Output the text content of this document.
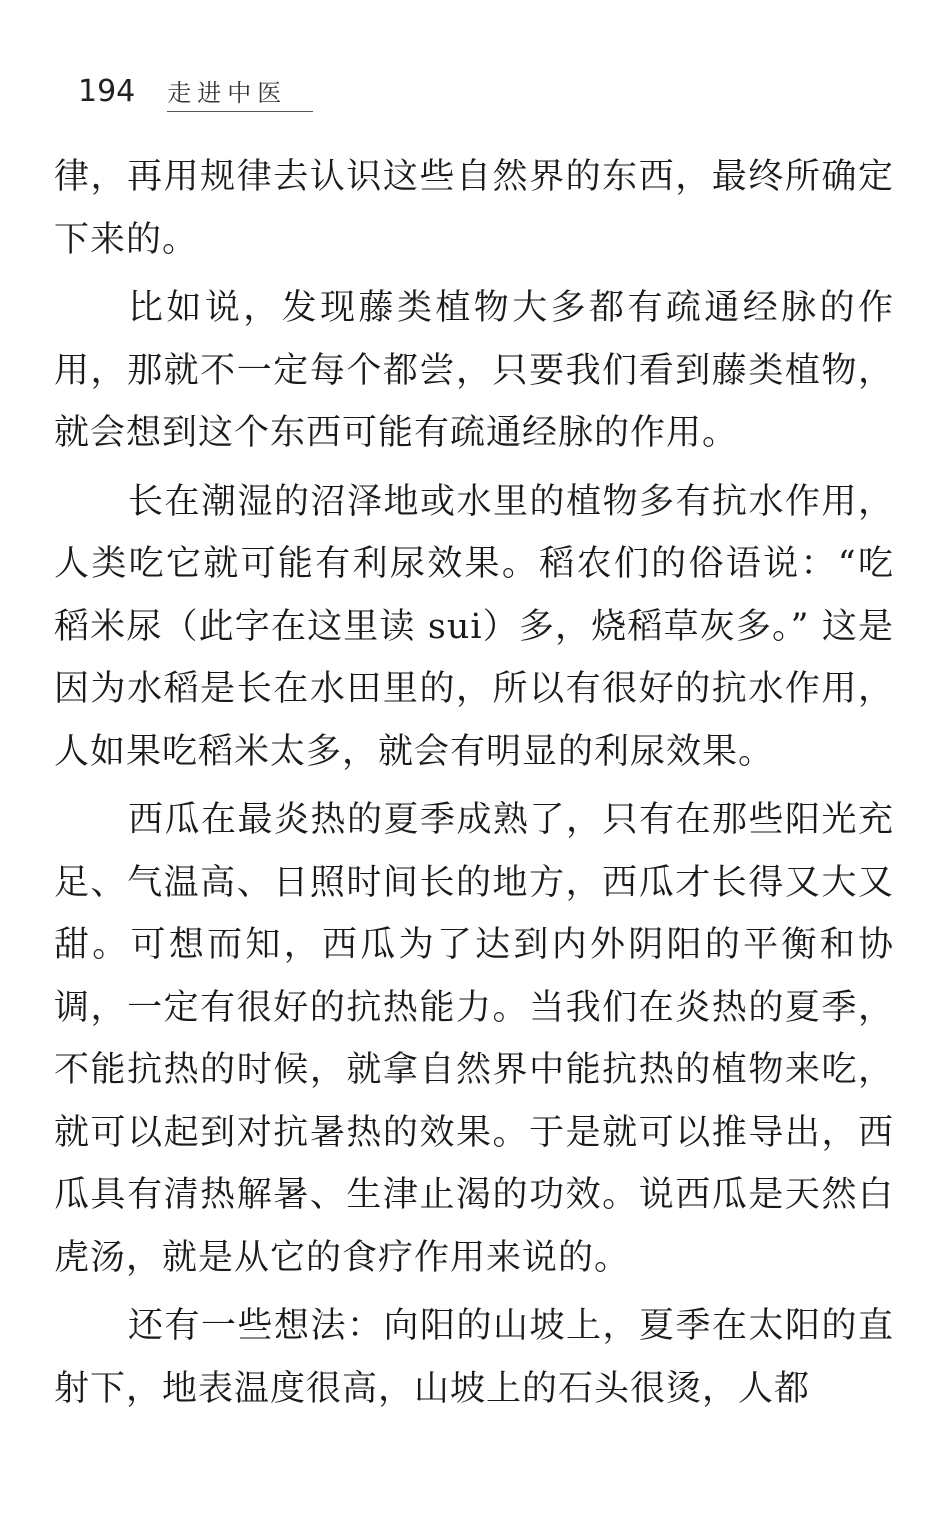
194 走进中医

律，再用规律去认识这些自然界的东西，最终所确定下来的。

比如说，发现藤类植物大多都有疏通经脉的作用，那就不一定每个都尝，只要我们看到藤类植物，就会想到这个东西可能有疏通经脉的作用。

长在潮湿的沼泽地或水里的植物多有抗水作用，人类吃它就可能有利尿效果。稻农们的俗语说：“吃稻米尿（此字在这里读 sui）多，烧稻草灰多。” 这是因为水稻是长在水田里的，所以有很好的抗水作用，人如果吃稻米太多，就会有明显的利尿效果。

西瓜在最炎热的夏季成熟了，只有在那些阳光充足、气温高、日照时间长的地方，西瓜才长得又大又甜。可想而知，西瓜为了达到内外阴阳的平衡和协调，一定有很好的抗热能力。当我们在炎热的夏季，不能抗热的时候，就拿自然界中能抗热的植物来吃，就可以起到对抗暑热的效果。于是就可以推导出，西瓜具有清热解暑、生津止渴的功效。说西瓜是天然白虎汤，就是从它的食疗作用来说的。

还有一些想法：向阳的山坡上，夏季在太阳的直射下，地表温度很高，山坡上的石头很烫，人都
